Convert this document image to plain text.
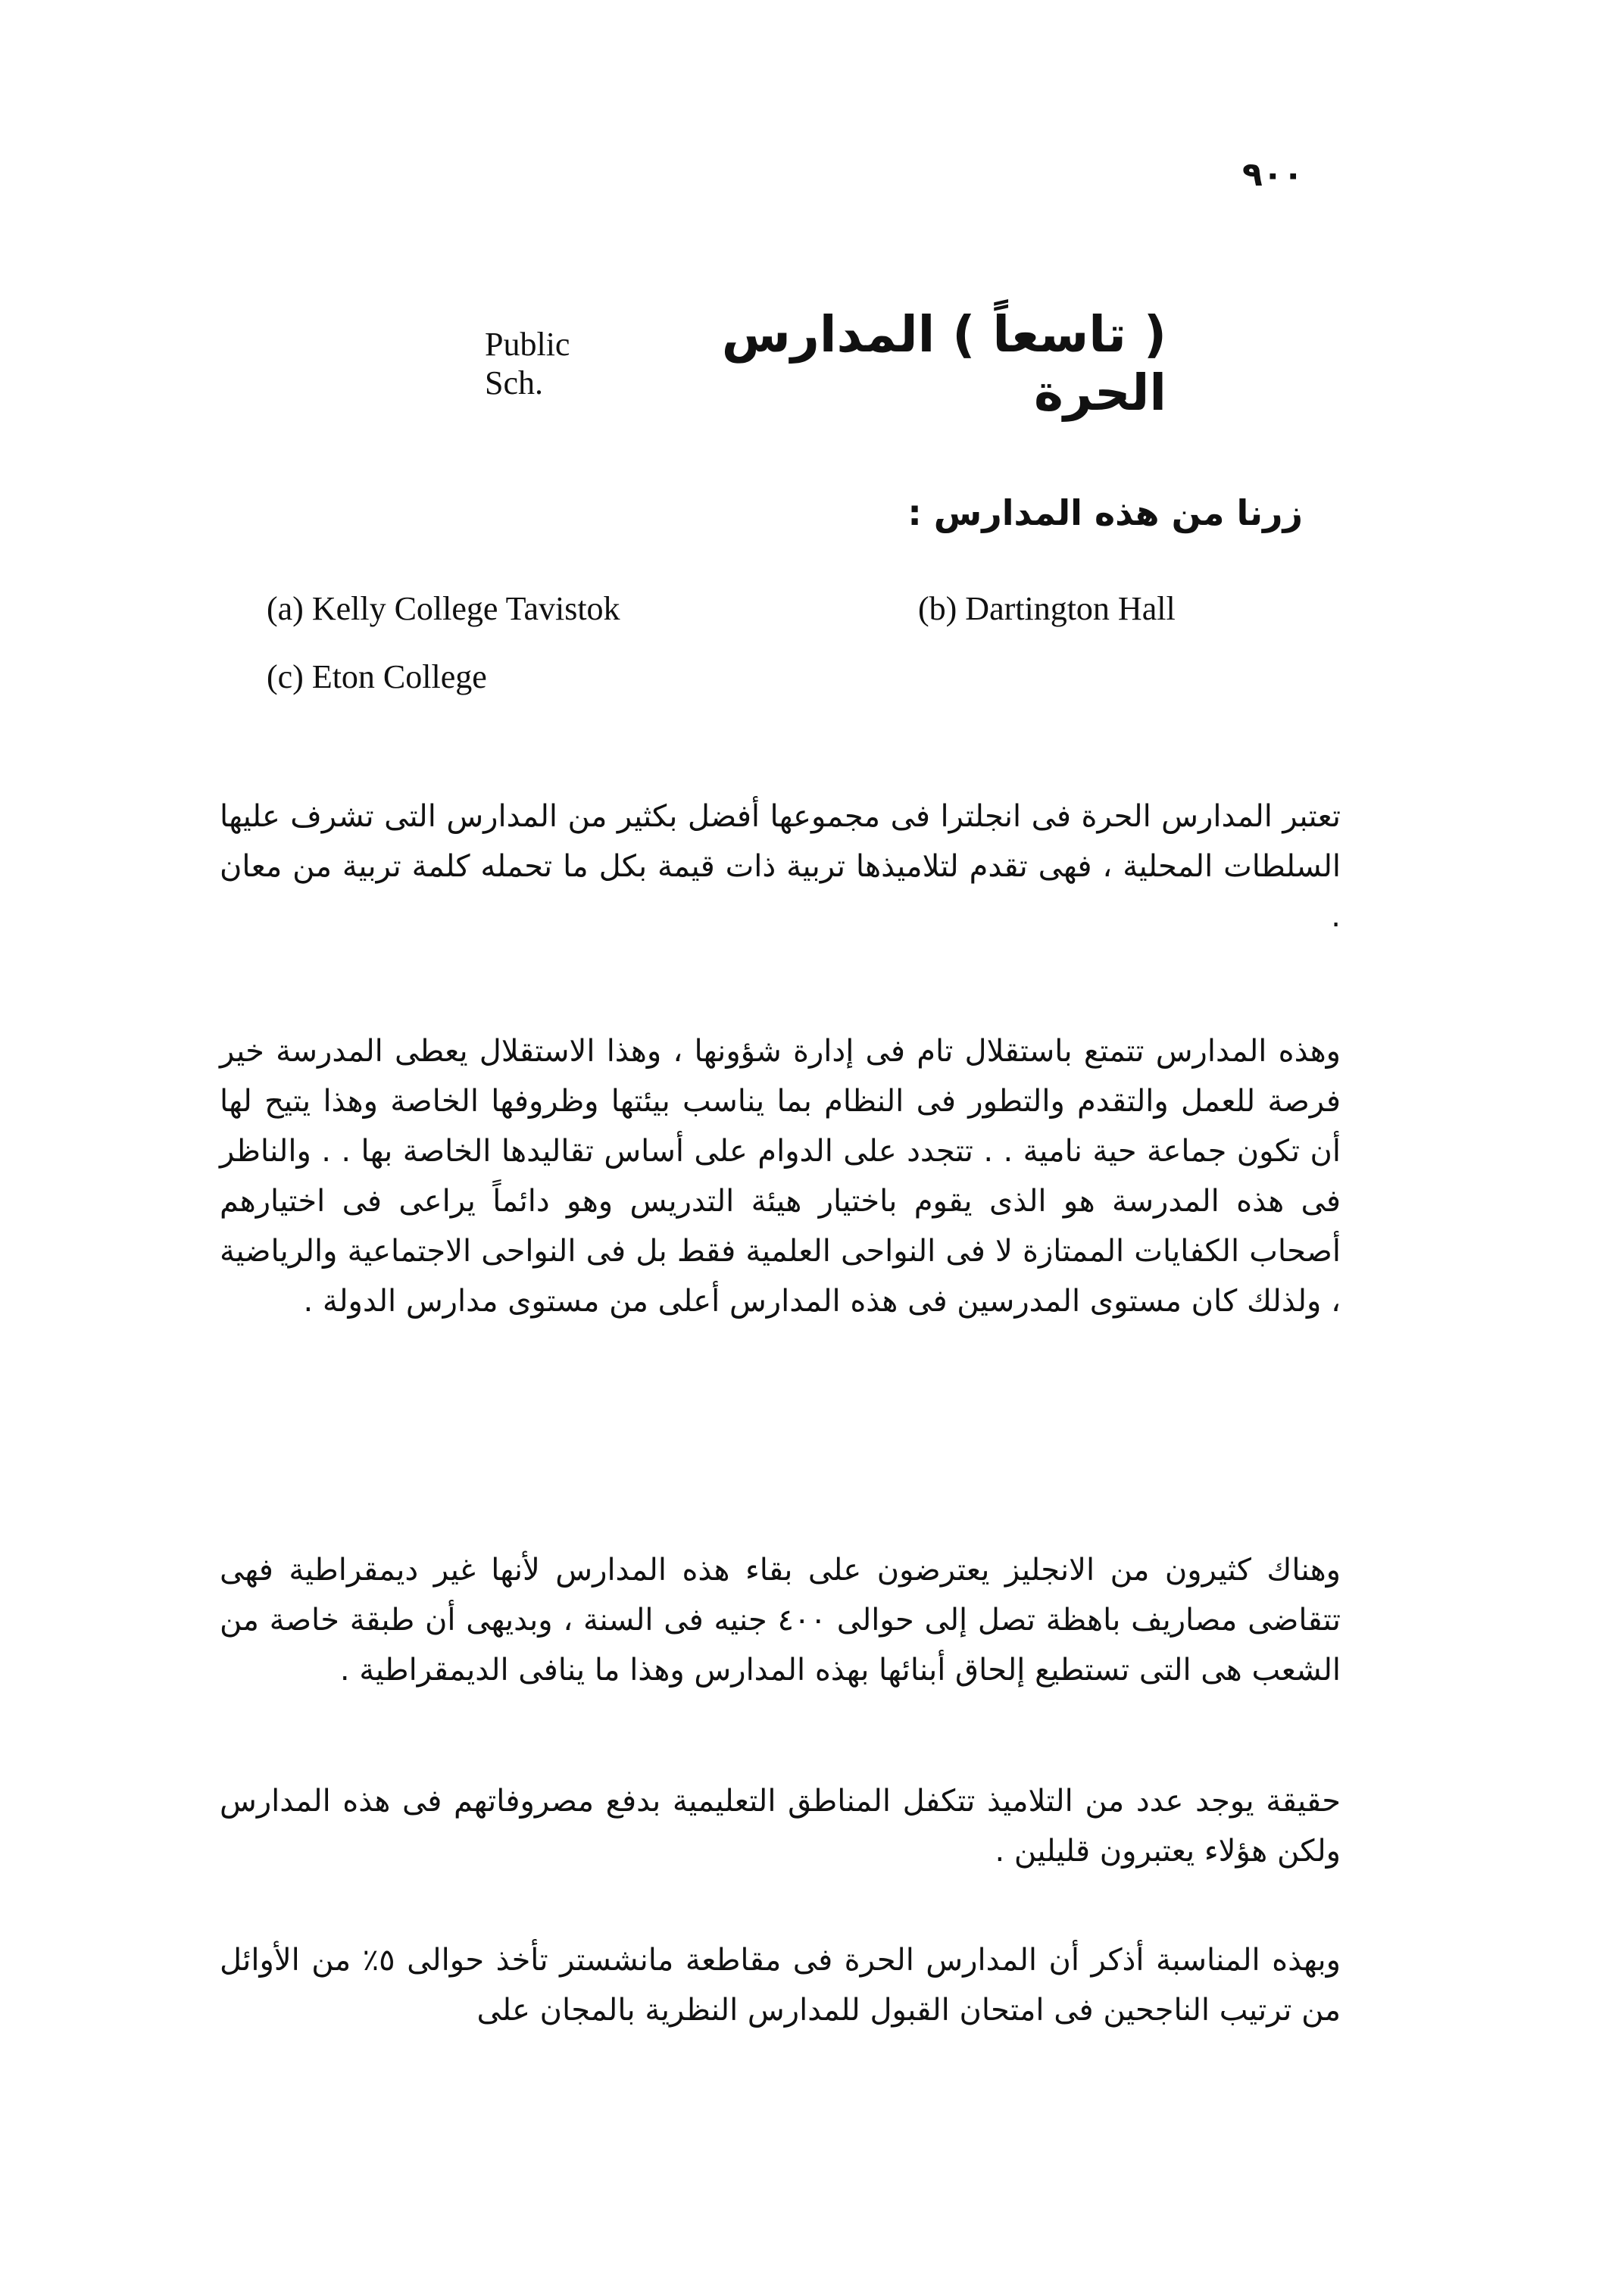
٩٠٠
Public Sch.
( تاسعاً ) المدارس الحرة
زرنا من هذه المدارس :
(a) Kelly College Tavistok	(b) Dartington Hall
(c) Eton College

تعتبر المدارس الحرة فى انجلترا فى مجموعها أفضل بكثير من المدارس التى تشرف عليها السلطات المحلية ، فهى تقدم لتلاميذها تربية ذات قيمة بكل ما تحمله كلمة تربية من معان .

وهذه المدارس تتمتع باستقلال تام فى إدارة شؤونها ، وهذا الاستقلال يعطى المدرسة خير فرصة للعمل والتقدم والتطور فى النظام بما يناسب بيئتها وظروفها الخاصة وهذا يتيح لها أن تكون جماعة حية نامية . . تتجدد على الدوام على أساس تقاليدها الخاصة بها . . والناظر فى هذه المدرسة هو الذى يقوم باختيار هيئة التدريس وهو دائماً يراعى فى اختيارهم أصحاب الكفايات الممتازة لا فى النواحى العلمية فقط بل فى النواحى الاجتماعية والرياضية ، ولذلك كان مستوى المدرسين فى هذه المدارس أعلى من مستوى مدارس الدولة .

وهناك كثيرون من الانجليز يعترضون على بقاء هذه المدارس لأنها غير ديمقراطية فهى تتقاضى مصاريف باهظة تصل إلى حوالى ٤٠٠ جنيه فى السنة ، وبديهى أن طبقة خاصة من الشعب هى التى تستطيع إلحاق أبنائها بهذه المدارس وهذا ما ينافى الديمقراطية .

حقيقة يوجد عدد من التلاميذ تتكفل المناطق التعليمية بدفع مصروفاتهم فى هذه المدارس ولكن هؤلاء يعتبرون قليلين .

وبهذه المناسبة أذكر أن المدارس الحرة فى مقاطعة مانشستر تأخذ حوالى ٥٪ من الأوائل من ترتيب الناجحين فى امتحان القبول للمدارس النظرية بالمجان على
